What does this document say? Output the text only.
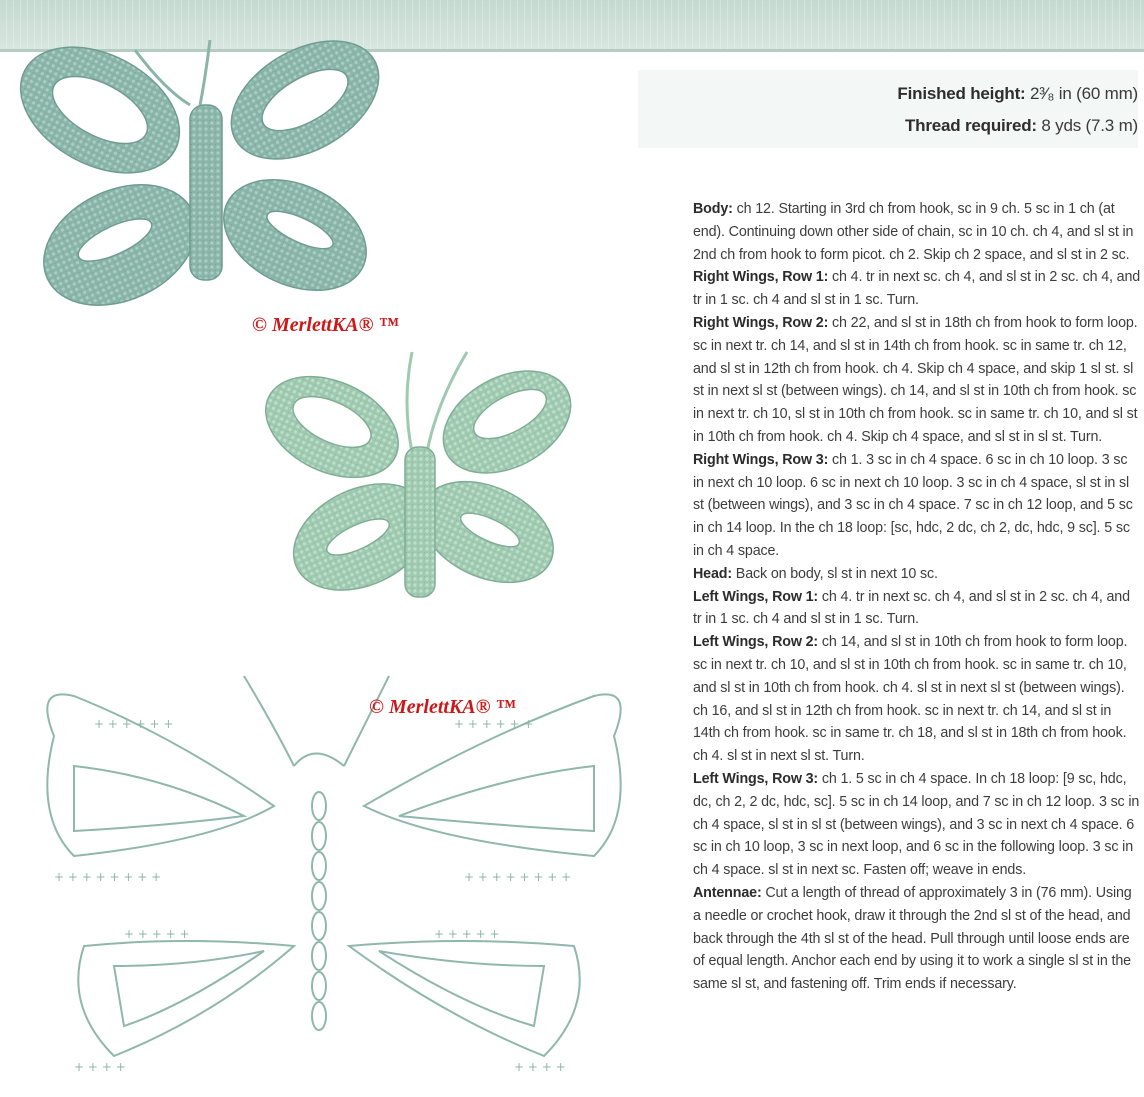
+ + + + + +	+ + + + + +
+ + + + + + + +	+ + + + + + + +
+ + + + +	+ + + + +
+ + + +	+ + + +
© MerlettKA® ™
© MerlettKA® ™
Finished height: 2³⁄₈ in (60 mm)
Thread required: 8 yds (7.3 m)

Body: ch 12. Starting in 3rd ch from hook, sc in 9 ch. 5 sc in 1 ch (at end). Continuing down other side of chain, sc in 10 ch. ch 4, and sl st in 2nd ch from hook to form picot. ch 2. Skip ch 2 space, and sl st in 2 sc.

Right Wings, Row 1: ch 4. tr in next sc. ch 4, and sl st in 2 sc. ch 4, and tr in 1 sc. ch 4 and sl st in 1 sc. Turn.

Right Wings, Row 2: ch 22, and sl st in 18th ch from hook to form loop. sc in next tr. ch 14, and sl st in 14th ch from hook. sc in same tr. ch 12, and sl st in 12th ch from hook. ch 4. Skip ch 4 space, and skip 1 sl st. sl st in next sl st (between wings). ch 14, and sl st in 10th ch from hook. sc in next tr. ch 10, sl st in 10th ch from hook. sc in same tr. ch 10, and sl st in 10th ch from hook. ch 4. Skip ch 4 space, and sl st in sl st. Turn.

Right Wings, Row 3: ch 1. 3 sc in ch 4 space. 6 sc in ch 10 loop. 3 sc in next ch 10 loop. 6 sc in next ch 10 loop. 3 sc in ch 4 space, sl st in sl st (between wings), and 3 sc in ch 4 space. 7 sc in ch 12 loop, and 5 sc in ch 14 loop. In the ch 18 loop: [sc, hdc, 2 dc, ch 2, dc, hdc, 9 sc]. 5 sc in ch 4 space.

Head: Back on body, sl st in next 10 sc.

Left Wings, Row 1: ch 4. tr in next sc. ch 4, and sl st in 2 sc. ch 4, and tr in 1 sc. ch 4 and sl st in 1 sc. Turn.

Left Wings, Row 2: ch 14, and sl st in 10th ch from hook to form loop. sc in next tr. ch 10, and sl st in 10th ch from hook. sc in same tr. ch 10, and sl st in 10th ch from hook. ch 4. sl st in next sl st (between wings). ch 16, and sl st in 12th ch from hook. sc in next tr. ch 14, and sl st in 14th ch from hook. sc in same tr. ch 18, and sl st in 18th ch from hook. ch 4. sl st in next sl st. Turn.

Left Wings, Row 3: ch 1. 5 sc in ch 4 space. In ch 18 loop: [9 sc, hdc, dc, ch 2, 2 dc, hdc, sc]. 5 sc in ch 14 loop, and 7 sc in ch 12 loop. 3 sc in ch 4 space, sl st in sl st (between wings), and 3 sc in next ch 4 space. 6 sc in ch 10 loop, 3 sc in next loop, and 6 sc in the following loop. 3 sc in ch 4 space. sl st in next sc. Fasten off; weave in ends.

Antennae: Cut a length of thread of approximately 3 in (76 mm). Using a needle or crochet hook, draw it through the 2nd sl st of the head, and back through the 4th sl st of the head. Pull through until loose ends are of equal length. Anchor each end by using it to work a single sl st in the same sl st, and fastening off. Trim ends if necessary.
